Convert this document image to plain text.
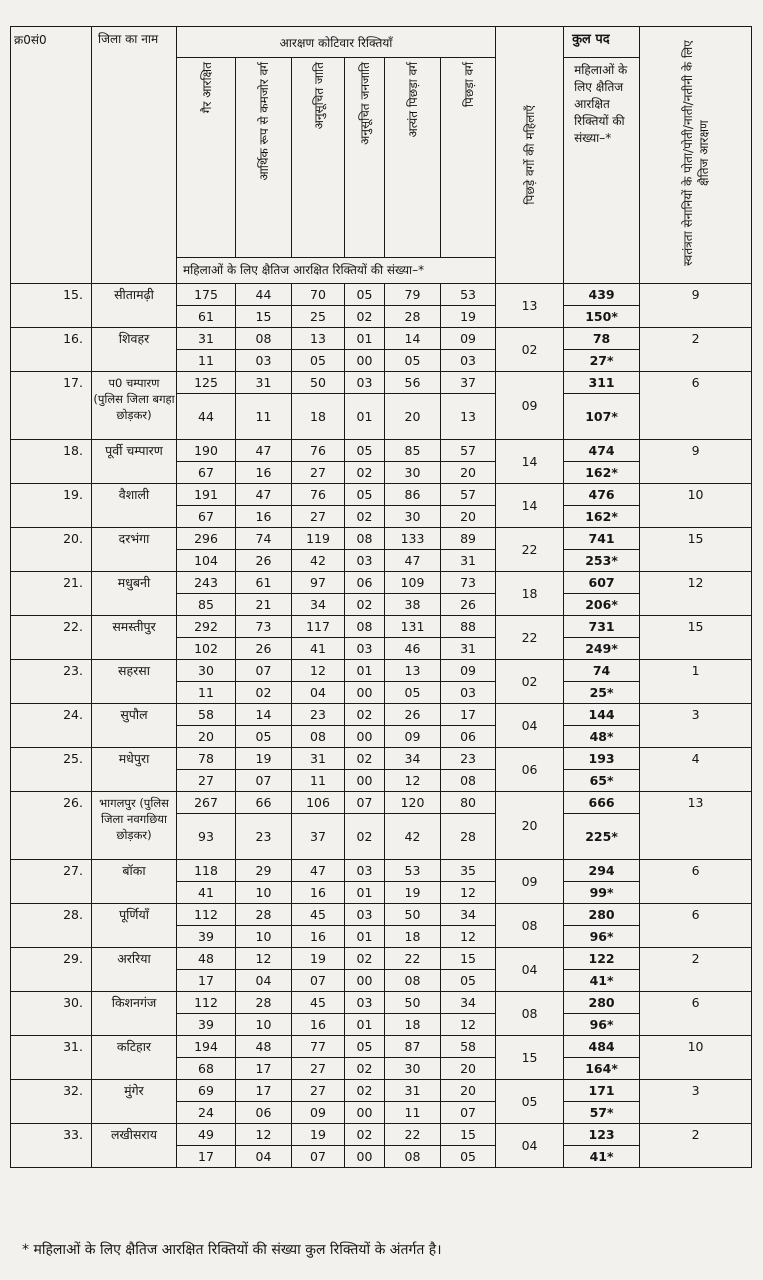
क्र0सं0	जिला का नाम	आरक्षण कोटिवार रिक्तियाँ						पिछड़े वर्गो की महिलाएँ	कुल पद	स्वतंत्रता सेनानियों के पोता/पोती/नाती/नतीनी के लिए क्षैतिज आरक्षण

		गैर आरक्षित	आर्थिक रूप से कमजोर वर्ग	अनुसूचित जाति	अनुसूचित जनजाति	अत्यंत पिछड़ा वर्ग	पिछड़ा वर्ग		महिलाओं के लिए क्षैतिज आरक्षित रिक्तियों की संख्या–*	
		महिलाओं के लिए क्षैतिज आरक्षित रिक्तियों की संख्या–*								
15.	सीतामढ़ी	175	44	70	05	79	53	13	439	9
		61	15	25	02	28	19		150*	
16.	शिवहर	31	08	13	01	14	09	02	78	2
		11	03	05	00	05	03		27*	
17.	प0 चम्पारण (पुलिस जिला बगहा छोड़कर)	125	31	50	03	56	37	09	311	6
		44	11	18	01	20	13		107*	
18.	पूर्वी चम्पारण	190	47	76	05	85	57	14	474	9
		67	16	27	02	30	20		162*	
19.	वैशाली	191	47	76	05	86	57	14	476	10
		67	16	27	02	30	20		162*	
20.	दरभंगा	296	74	119	08	133	89	22	741	15
		104	26	42	03	47	31		253*	
21.	मधुबनी	243	61	97	06	109	73	18	607	12
		85	21	34	02	38	26		206*	
22.	समस्तीपुर	292	73	117	08	131	88	22	731	15
		102	26	41	03	46	31		249*	
23.	सहरसा	30	07	12	01	13	09	02	74	1
		11	02	04	00	05	03		25*	
24.	सुपौल	58	14	23	02	26	17	04	144	3
		20	05	08	00	09	06		48*	
25.	मधेपुरा	78	19	31	02	34	23	06	193	4
		27	07	11	00	12	08		65*	
26.	भागलपुर (पुलिस जिला नवगछिया छोड़कर)	267	66	106	07	120	80	20	666	13
		93	23	37	02	42	28		225*	
27.	बॉका	118	29	47	03	53	35	09	294	6
		41	10	16	01	19	12		99*	
28.	पूर्णियाँ	112	28	45	03	50	34	08	280	6
		39	10	16	01	18	12		96*	
29.	अररिया	48	12	19	02	22	15	04	122	2
		17	04	07	00	08	05		41*	
30.	किशनगंज	112	28	45	03	50	34	08	280	6
		39	10	16	01	18	12		96*	
31.	कटिहार	194	48	77	05	87	58	15	484	10
		68	17	27	02	30	20		164*	
32.	मुंगेर	69	17	27	02	31	20	05	171	3
		24	06	09	00	11	07		57*	
33.	लखीसराय	49	12	19	02	22	15	04	123	2
		17	04	07	00	08	05		41*	
* महिलाओं के लिए क्षैतिज आरक्षित रिक्तियों की संख्या कुल रिक्तियों के अंतर्गत है।
